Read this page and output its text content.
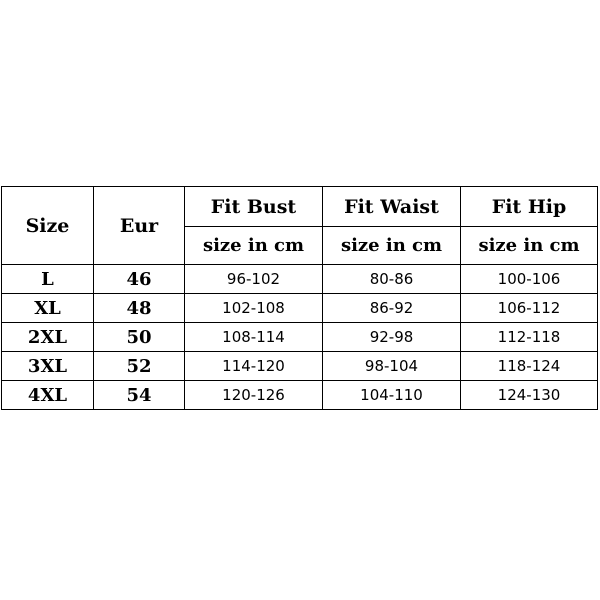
Size	Eur	Fit Bust	Fit Waist	Fit Hip
		size in cm	size in cm	size in cm
L	46	96-102	80-86	100-106
XL	48	102-108	86-92	106-112
2XL	50	108-114	92-98	112-118
3XL	52	114-120	98-104	118-124
4XL	54	120-126	104-110	124-130
